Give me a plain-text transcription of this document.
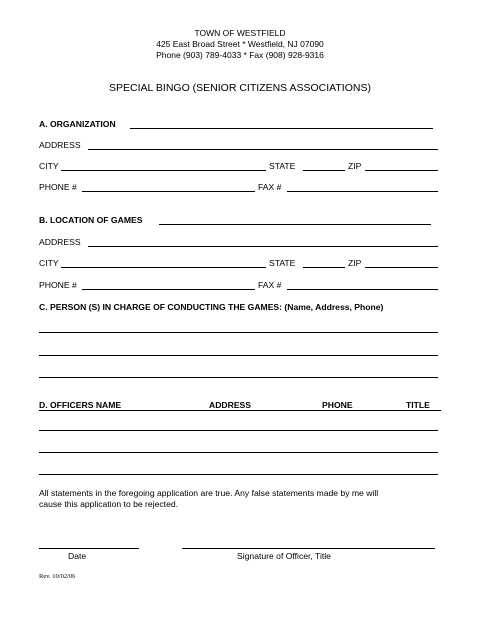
TOWN OF WESTFIELD
425 East Broad Street * Westfield, NJ 07090
Phone (903) 789-4033 * Fax (908) 928-9316
SPECIAL BINGO (SENIOR CITIZENS ASSOCIATIONS)
A. ORGANIZATION
ADDRESS
CITY	STATE	ZIP
PHONE #	FAX #
B. LOCATION OF GAMES
ADDRESS
CITY	STATE	ZIP
PHONE #	FAX #
C. PERSON (S) IN CHARGE OF CONDUCTING THE GAMES: (Name, Address, Phone)
D. OFFICERS NAME	ADDRESS	PHONE	TITLE
All statements in the foregoing application are true. Any false statements made by me will
cause this application to be rejected.
Date	Signature of Officer, Title
Rev. 10/02/06
